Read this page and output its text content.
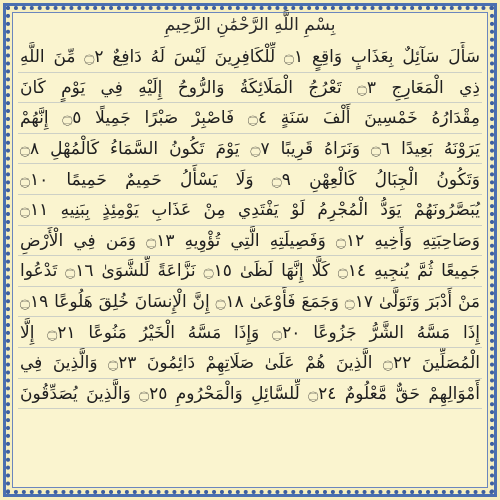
بِسْمِ اللَّهِ الرَّحْمَٰنِ الرَّحِيمِ
سَأَلَ سَآئِلٌ بِعَذَابٍ وَاقِعٍ ۝١ لِّلْكَافِرِينَ لَيْسَ لَهُ دَافِعٌ ۝٢ مِّنَ اللَّهِ
ذِي الْمَعَارِجِ ۝٣ تَعْرُجُ الْمَلَائِكَةُ وَالرُّوحُ إِلَيْهِ فِي يَوْمٍ كَانَ
مِقْدَارُهُ خَمْسِينَ أَلْفَ سَنَةٍ ۝٤ فَاصْبِرْ صَبْرًا جَمِيلًا ۝٥ إِنَّهُمْ
يَرَوْنَهُ بَعِيدًا ۝٦ وَنَرَاهُ قَرِيبًا ۝٧ يَوْمَ تَكُونُ السَّمَاءُ كَالْمُهْلِ ۝٨
وَتَكُونُ الْجِبَالُ كَالْعِهْنِ ۝٩ وَلَا يَسْأَلُ حَمِيمٌ حَمِيمًا ۝١٠
يُبَصَّرُونَهُمْ يَوَدُّ الْمُجْرِمُ لَوْ يَفْتَدِي مِنْ عَذَابِ يَوْمِئِذٍ بِبَنِيهِ ۝١١
وَصَاحِبَتِهِ وَأَخِيهِ ۝١٢ وَفَصِيلَتِهِ الَّتِي تُؤْوِيهِ ۝١٣ وَمَن فِي الْأَرْضِ
جَمِيعًا ثُمَّ يُنجِيهِ ۝١٤ كَلَّا إِنَّهَا لَظَىٰ ۝١٥ نَزَّاعَةً لِّلشَّوَىٰ ۝١٦ تَدْعُوا
مَنْ أَدْبَرَ وَتَوَلَّىٰ ۝١٧ وَجَمَعَ فَأَوْعَىٰ ۝١٨ إِنَّ الْإِنسَانَ خُلِقَ هَلُوعًا ۝١٩
إِذَا مَسَّهُ الشَّرُّ جَزُوعًا ۝٢٠ وَإِذَا مَسَّهُ الْخَيْرُ مَنُوعًا ۝٢١ إِلَّا
الْمُصَلِّينَ ۝٢٢ الَّذِينَ هُمْ عَلَىٰ صَلَاتِهِمْ دَائِمُونَ ۝٢٣ وَالَّذِينَ فِي
أَمْوَالِهِمْ حَقٌّ مَّعْلُومٌ ۝٢٤ لِّلسَّائِلِ وَالْمَحْرُومِ ۝٢٥ وَالَّذِينَ يُصَدِّقُونَ
